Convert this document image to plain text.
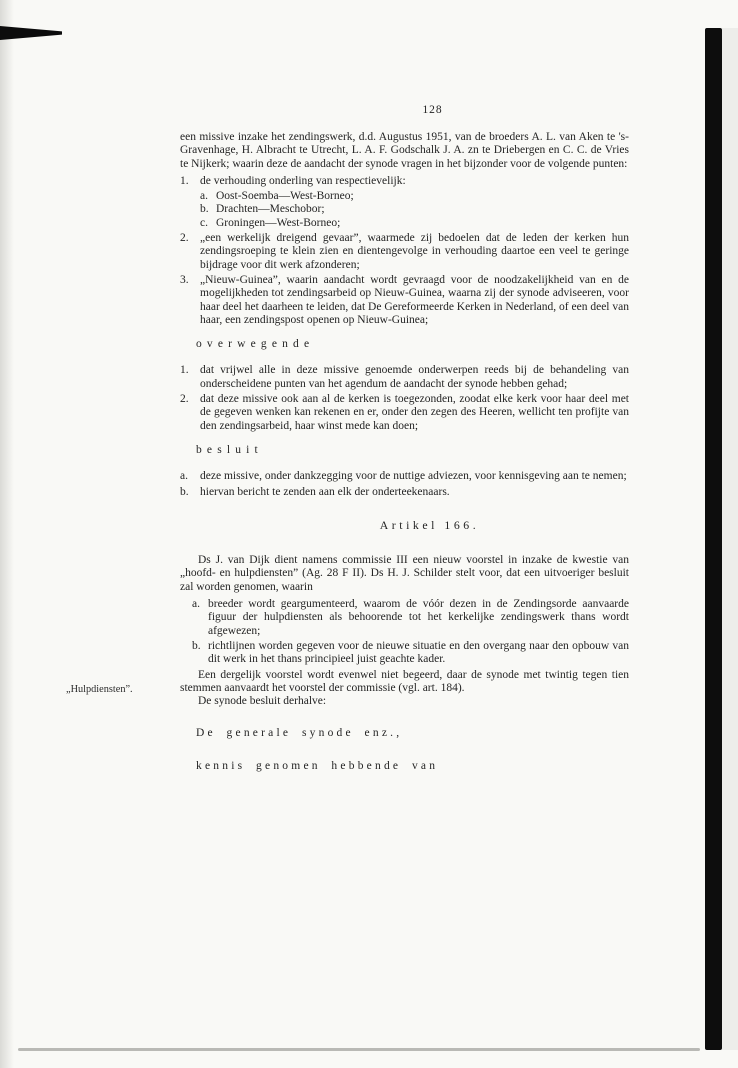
128
„Hulpdiensten”.

een missive inzake het zendingswerk, d.d. Augustus 1951, van de broeders A. L. van Aken te 's-Gravenhage, H. Albracht te Utrecht, L. A. F. Godschalk J. A. zn te Driebergen en C. C. de Vries te Nijkerk; waarin deze de aandacht der synode vragen in het bijzonder voor de volgende punten:

1. de verhouding onderling van respectievelijk:
a. Oost-Soemba—West-Borneo;
b. Drachten—Meschobor;
c. Groningen—West-Borneo;
2. „een werkelijk dreigend gevaar”, waarmede zij bedoelen dat de leden der kerken hun zendingsroeping te klein zien en dientengevolge in verhouding daartoe een veel te geringe bijdrage voor dit werk afzonderen;
3. „Nieuw-Guinea”, waarin aandacht wordt gevraagd voor de noodzakelijkheid van en de mogelijkheden tot zendingsarbeid op Nieuw-Guinea, waarna zij der synode adviseeren, voor haar deel het daarheen te leiden, dat De Gereformeerde Kerken in Nederland, of een deel van haar, een zendingspost openen op Nieuw-Guinea;

overwegende

1. dat vrijwel alle in deze missive genoemde onderwerpen reeds bij de behandeling van onderscheidene punten van het agendum de aandacht der synode hebben gehad;
2. dat deze missive ook aan al de kerken is toegezonden, zoodat elke kerk voor haar deel met de gegeven wenken kan rekenen en er, onder den zegen des Heeren, wellicht ten profijte van den zendingsarbeid, haar winst mede kan doen;

besluit

a.	deze missive, onder dankzegging voor de nuttige adviezen, voor kennisgeving aan te nemen;
b. hiervan bericht te zenden aan elk der onderteekenaars.

Artikel 166.

Ds J. van Dijk dient namens commissie III een nieuw voorstel in inzake de kwestie van „hoofd- en hulpdiensten” (Ag. 28 F II). Ds H. J. Schilder stelt voor, dat een uitvoeriger besluit zal worden genomen, waarin

a. breeder wordt geargumenteerd, waarom de vóór dezen in de Zendingsorde aanvaarde figuur der hulpdiensten als behoorende tot het kerkelijke zendingswerk thans wordt afgewezen;
b. richtlijnen worden gegeven voor de nieuwe situatie en den overgang naar den opbouw van dit werk in het thans principieel juist geachte kader.

Een dergelijk voorstel wordt evenwel niet begeerd, daar de synode met twintig tegen tien stemmen aanvaardt het voorstel der commissie (vgl. art. 184).

De synode besluit derhalve:

De generale synode enz.,

kennis genomen hebbende van
